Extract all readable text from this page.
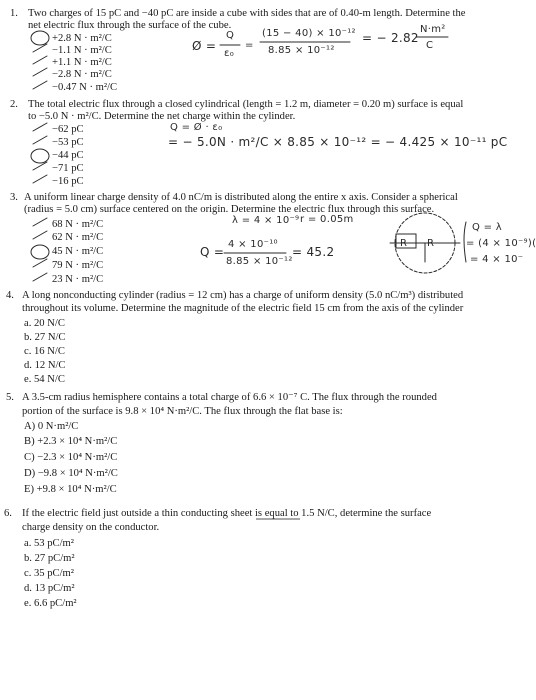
1. Two charges of 15 pC and −40 pC are inside a cube with sides that are of 0.40-m length. Determine the
net electric flux through the surface of the cube.
+2.8 N · m²/C
−1.1 N · m²/C
+1.1 N · m²/C
−2.8 N · m²/C
−0.47 N · m²/C
2. The total electric flux through a closed cylindrical (length = 1.2 m, diameter = 0.20 m) surface is equal
to −5.0 N · m²/C. Determine the net charge within the cylinder.
−62 pC
−53 pC
−44 pC
−71 pC
−16 pC
3. A uniform linear charge density of 4.0 nC/m is distributed along the entire x axis. Consider a spherical
(radius = 5.0 cm) surface centered on the origin. Determine the electric flux through this surface.
68 N · m²/C
62 N · m²/C
45 N · m²/C
79 N · m²/C
23 N · m²/C
4. A long nonconducting cylinder (radius = 12 cm) has a charge of uniform density (5.0 nC/m³) distributed
throughout its volume. Determine the magnitude of the electric field 15 cm from the axis of the cylinder
a. 20 N/C
b. 27 N/C
c. 16 N/C
d. 12 N/C
e. 54 N/C
5. A 3.5-cm radius hemisphere contains a total charge of 6.6 × 10⁻⁷ C. The flux through the rounded
portion of the surface is 9.8 × 10⁴ N·m²/C. The flux through the flat base is:
A) 0 N·m²/C
B) +2.3 × 10⁴ N·m²/C
C) −2.3 × 10⁴ N·m²/C
D) −9.8 × 10⁴ N·m²/C
E) +9.8 × 10⁴ N·m²/C
6. If the electric field just outside a thin conducting sheet is equal to 1.5 N/C, determine the surface
charge density on the conductor.
a. 53 pC/m²
b. 27 pC/m²
c. 35 pC/m²
d. 13 pC/m²
e. 6.6 pC/m²
Ø =
Q
ε₀
=
(15 − 40) × 10⁻¹²
8.85 × 10⁻¹²
= − 2.82
N·m²
C
Q = Ø · ε₀
= − 5.0N · m²/C × 8.85 × 10⁻¹² = − 4.425 × 10⁻¹¹ pC
λ = 4 × 10⁻⁹ r = 0.05m
Q =
4 × 10⁻¹⁰
8.85 × 10⁻¹²
= 45.2
R R
Q = λ
= (4 × 10⁻⁹)(
= 4 × 10⁻
